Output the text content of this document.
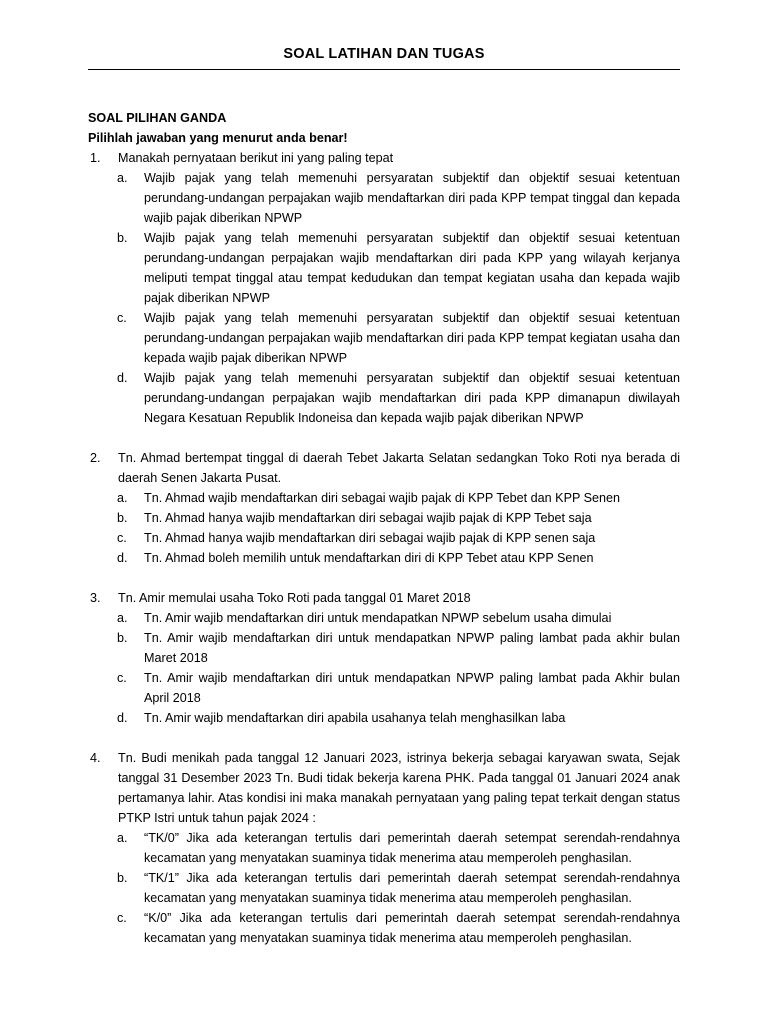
SOAL LATIHAN DAN TUGAS
SOAL PILIHAN GANDA
Pilihlah jawaban yang menurut anda benar!
1.	Manakah pernyataan berikut ini yang paling tepat
a.	Wajib pajak yang telah memenuhi persyaratan subjektif dan objektif sesuai ketentuan perundang-undangan perpajakan wajib mendaftarkan diri pada KPP tempat tinggal dan kepada wajib pajak diberikan NPWP
b.	Wajib pajak yang telah memenuhi persyaratan subjektif dan objektif sesuai ketentuan perundang-undangan perpajakan wajib mendaftarkan diri pada KPP yang wilayah kerjanya meliputi tempat tinggal atau tempat kedudukan dan tempat kegiatan usaha dan kepada wajib pajak diberikan NPWP
c.	Wajib pajak yang telah memenuhi persyaratan subjektif dan objektif sesuai ketentuan perundang-undangan perpajakan wajib mendaftarkan diri pada KPP tempat kegiatan usaha dan kepada wajib pajak diberikan NPWP
d.	Wajib pajak yang telah memenuhi persyaratan subjektif dan objektif sesuai ketentuan perundang-undangan perpajakan wajib mendaftarkan diri pada KPP dimanapun diwilayah Negara Kesatuan Republik Indoneisa dan kepada wajib pajak diberikan NPWP
2.	Tn. Ahmad bertempat tinggal di daerah Tebet Jakarta Selatan sedangkan Toko Roti nya berada di daerah Senen Jakarta Pusat.
a.	Tn. Ahmad wajib mendaftarkan diri sebagai wajib pajak di KPP Tebet dan KPP Senen
b.	Tn. Ahmad hanya wajib mendaftarkan diri sebagai wajib pajak di KPP Tebet saja
c.	Tn. Ahmad hanya wajib mendaftarkan diri sebagai wajib pajak di KPP senen saja
d.	Tn. Ahmad boleh memilih untuk mendaftarkan diri di KPP Tebet atau KPP Senen
3.	Tn. Amir memulai usaha Toko Roti pada tanggal 01 Maret 2018
a.	Tn. Amir wajib mendaftarkan diri untuk mendapatkan NPWP sebelum usaha dimulai
b.	Tn. Amir wajib mendaftarkan diri untuk mendapatkan NPWP paling lambat pada akhir bulan Maret 2018
c.	Tn. Amir wajib mendaftarkan diri untuk mendapatkan NPWP paling lambat pada Akhir bulan April 2018
d.	Tn. Amir wajib mendaftarkan diri apabila usahanya telah menghasilkan laba
4.	Tn. Budi menikah pada tanggal 12 Januari 2023, istrinya bekerja sebagai karyawan swata, Sejak tanggal 31 Desember 2023 Tn. Budi tidak bekerja karena PHK. Pada tanggal 01 Januari 2024 anak pertamanya lahir. Atas kondisi ini maka manakah pernyataan yang paling tepat terkait dengan status PTKP Istri untuk tahun pajak 2024 :
a.	“TK/0” Jika ada keterangan tertulis dari pemerintah daerah setempat serendah-rendahnya kecamatan yang menyatakan suaminya tidak menerima atau memperoleh penghasilan.
b.	“TK/1” Jika ada keterangan tertulis dari pemerintah daerah setempat serendah-rendahnya kecamatan yang menyatakan suaminya tidak menerima atau memperoleh penghasilan.
c.	“K/0” Jika ada keterangan tertulis dari pemerintah daerah setempat serendah-rendahnya kecamatan yang menyatakan suaminya tidak menerima atau memperoleh penghasilan.
